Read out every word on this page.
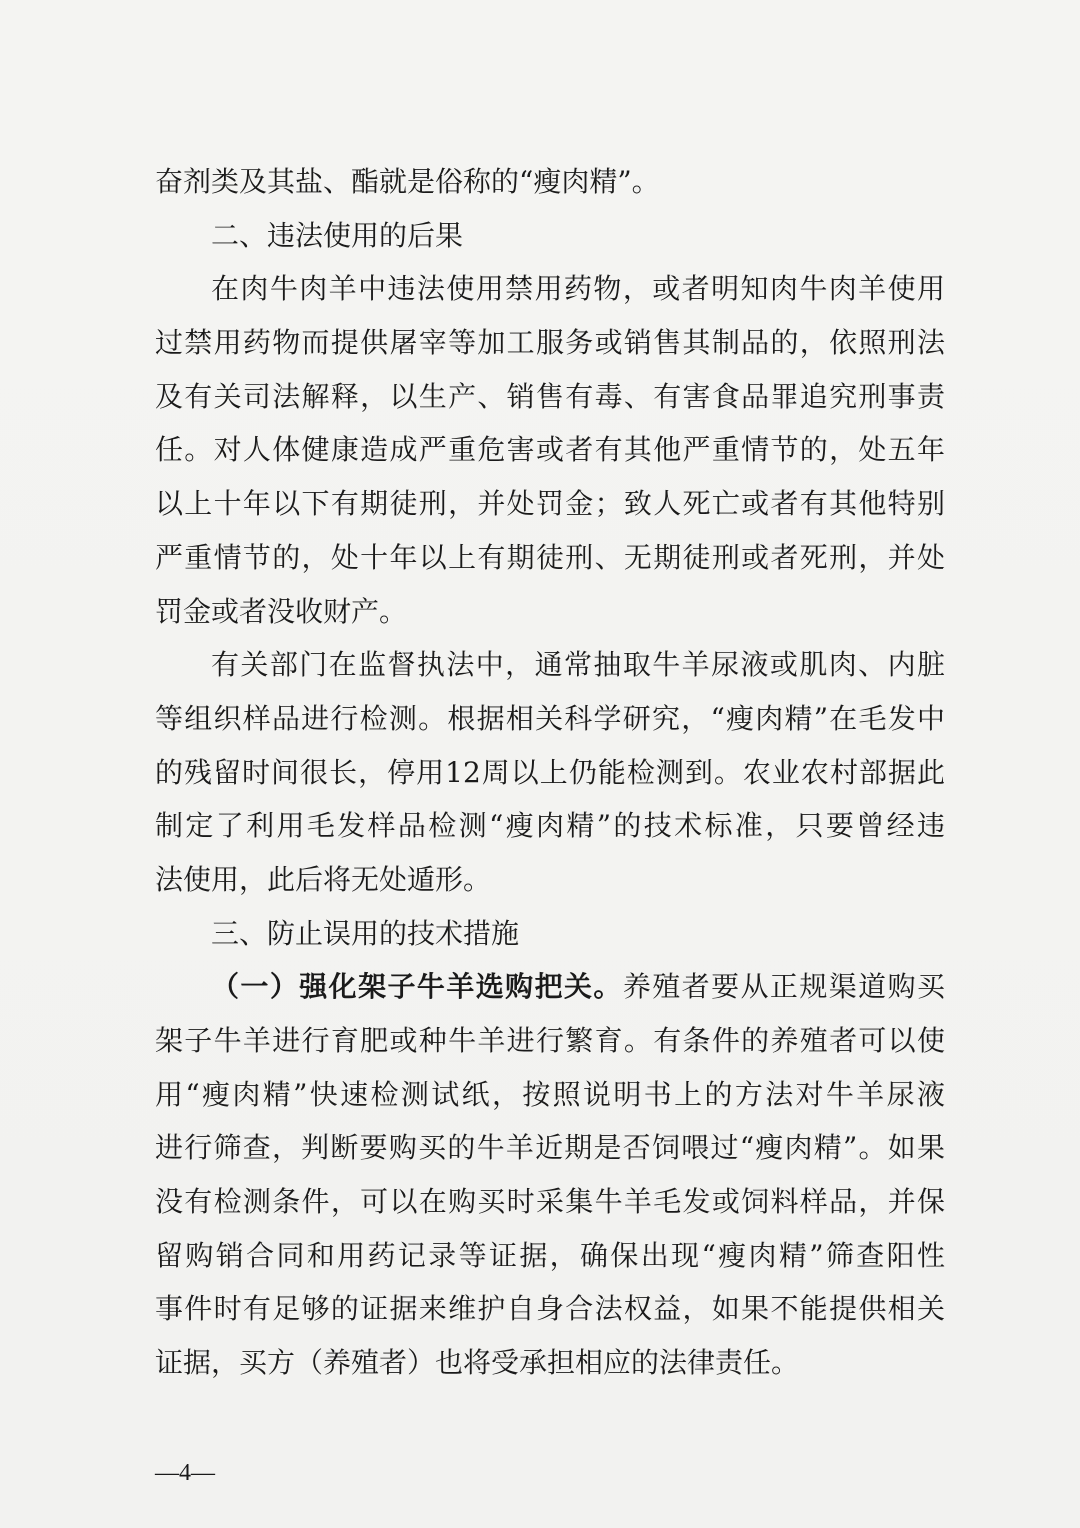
奋剂类及其盐、酯就是俗称的“瘦肉精”。
二、违法使用的后果
在肉牛肉羊中违法使用禁用药物，或者明知肉牛肉羊使用
过禁用药物而提供屠宰等加工服务或销售其制品的，依照刑法
及有关司法解释，以生产、销售有毒、有害食品罪追究刑事责
任。对人体健康造成严重危害或者有其他严重情节的，处五年
以上十年以下有期徒刑，并处罚金；致人死亡或者有其他特别
严重情节的，处十年以上有期徒刑、无期徒刑或者死刑，并处
罚金或者没收财产。
有关部门在监督执法中，通常抽取牛羊尿液或肌肉、内脏
等组织样品进行检测。根据相关科学研究，“瘦肉精”在毛发中
的残留时间很长，停用12周以上仍能检测到。农业农村部据此
制定了利用毛发样品检测“瘦肉精”的技术标准，只要曾经违
法使用，此后将无处遁形。
三、防止误用的技术措施
（一）强化架子牛羊选购把关。养殖者要从正规渠道购买
架子牛羊进行育肥或种牛羊进行繁育。有条件的养殖者可以使
用“瘦肉精”快速检测试纸，按照说明书上的方法对牛羊尿液
进行筛查，判断要购买的牛羊近期是否饲喂过“瘦肉精”。如果
没有检测条件，可以在购买时采集牛羊毛发或饲料样品，并保
留购销合同和用药记录等证据，确保出现“瘦肉精”筛查阳性
事件时有足够的证据来维护自身合法权益，如果不能提供相关
证据，买方（养殖者）也将受承担相应的法律责任。
—4—
